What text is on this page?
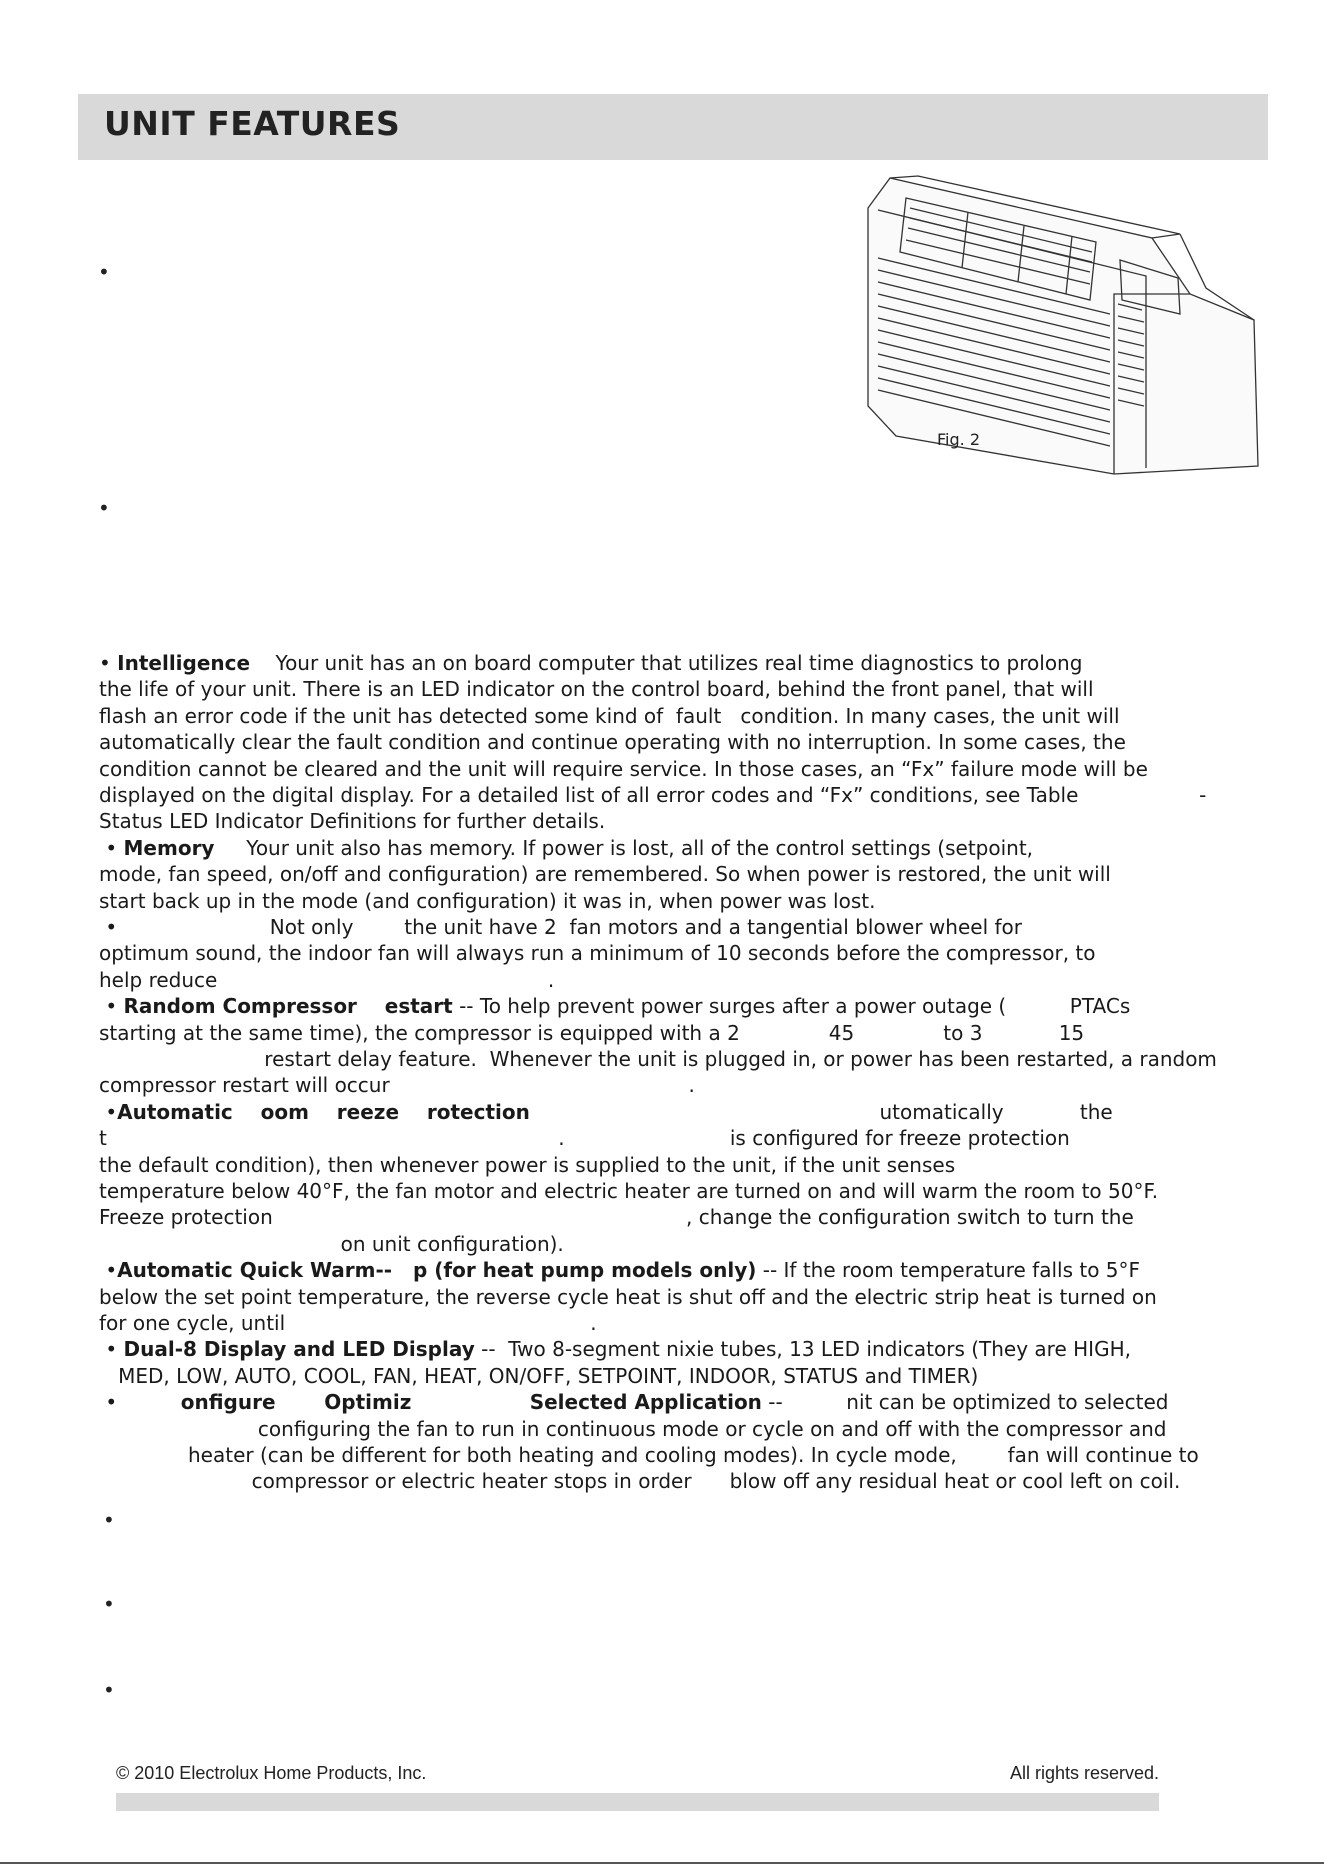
UNIT FEATURES
Fig. 2
•
•
•
•
•
• Intelligence    Your unit has an on board computer that utilizes real time diagnostics to prolong
the life of your unit. There is an LED indicator on the control board, behind the front panel, that will
flash an error code if the unit has detected some kind of  fault   condition. In many cases, the unit will
automatically clear the fault condition and continue operating with no interruption. In some cases, the
condition cannot be cleared and the unit will require service. In those cases, an “Fx” failure mode will be
displayed on the digital display. For a detailed list of all error codes and “Fx” conditions, see Table                   -
Status LED Indicator Definitions for further details.
• Memory     Your unit also has memory. If power is lost, all of the control settings (setpoint,
mode, fan speed, on/off and configuration) are remembered. So when power is restored, the unit will
start back up in the mode (and configuration) it was in, when power was lost.
•                        Not only        the unit have 2  fan motors and a tangential blower wheel for
optimum sound, the indoor fan will always run a minimum of 10 seconds before the compressor, to
help reduce                                                    .
• Random Compressor    estart -- To help prevent power surges after a power outage (          PTACs
starting at the same time), the compressor is equipped with a 2              45              to 3            15
restart delay feature.  Whenever the unit is plugged in, or power has been restarted, a random
compressor restart will occur                                               .
•Automatic    oom    reeze    rotection                                                       utomatically            the
t                                                                       .                          is configured for freeze protection
the default condition), then whenever power is supplied to the unit, if the unit senses
temperature below 40°F, the fan motor and electric heater are turned on and will warm the room to 50°F.
Freeze protection                                                                 , change the configuration switch to turn the
on unit configuration).
•Automatic Quick Warm--   p (for heat pump models only) -- If the room temperature falls to 5°F
below the set point temperature, the reverse cycle heat is shut off and the electric strip heat is turned on
for one cycle, until                                                .
• Dual-8 Display and LED Display --  Two 8-segment nixie tubes, 13 LED indicators (They are HIGH,
MED, LOW, AUTO, COOL, FAN, HEAT, ON/OFF, SETPOINT, INDOOR, STATUS and TIMER)
•          onfigure       Optimiz                 Selected Application --          nit can be optimized to selected
configuring the fan to run in continuous mode or cycle on and off with the compressor and
heater (can be different for both heating and cooling modes). In cycle mode,        fan will continue to
compressor or electric heater stops in order      blow off any residual heat or cool left on coil.
© 2010 Electrolux Home Products, Inc.	All rights reserved.
